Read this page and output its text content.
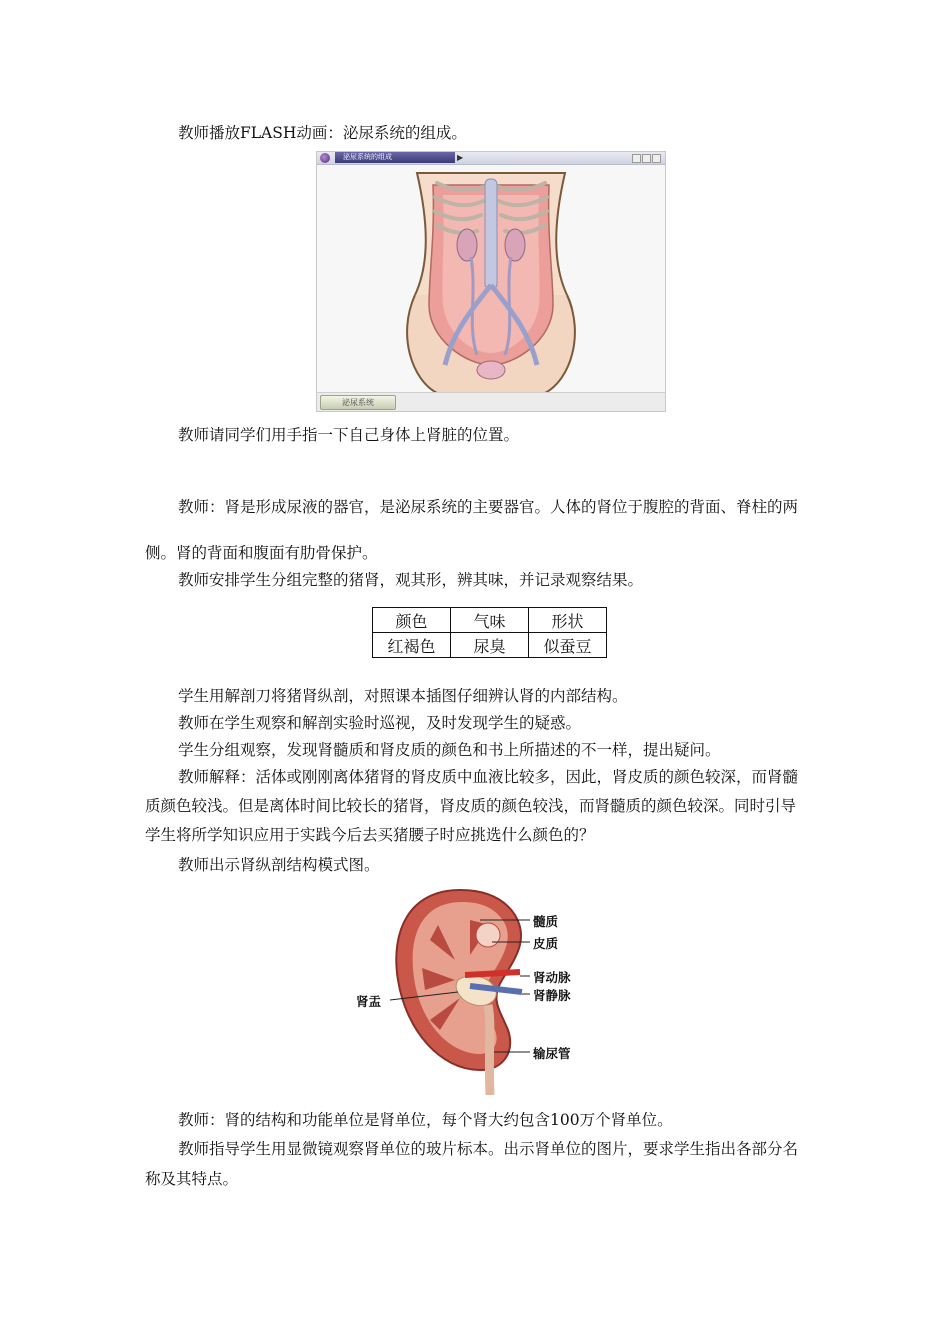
教师播放FLASH动画：泌尿系统的组成。

泌尿系统的组成	▶
泌尿系统

教师请同学们用手指一下自己身体上肾脏的位置。

教师：肾是形成尿液的器官，是泌尿系统的主要器官。人体的肾位于腹腔的背面、脊柱的两侧。肾的背面和腹面有肋骨保护。

教师安排学生分组完整的猪肾，观其形，辨其味，并记录观察结果。

颜色	气味	形状
红褐色	尿臭	似蚕豆

学生用解剖刀将猪肾纵剖，对照课本插图仔细辨认肾的内部结构。

教师在学生观察和解剖实验时巡视，及时发现学生的疑惑。

学生分组观察，发现肾髓质和肾皮质的颜色和书上所描述的不一样，提出疑问。

教师解释：活体或刚刚离体猪肾的肾皮质中血液比较多，因此，肾皮质的颜色较深，而肾髓质颜色较浅。但是离体时间比较长的猪肾，肾皮质的颜色较浅，而肾髓质的颜色较深。同时引导学生将所学知识应用于实践今后去买猪腰子时应挑选什么颜色的？

教师出示肾纵剖结构模式图。

髓质
皮质
肾动脉
肾静脉
肾盂
输尿管

教师：肾的结构和功能单位是肾单位，每个肾大约包含100万个肾单位。

教师指导学生用显微镜观察肾单位的玻片标本。出示肾单位的图片，要求学生指出各部分名称及其特点。
